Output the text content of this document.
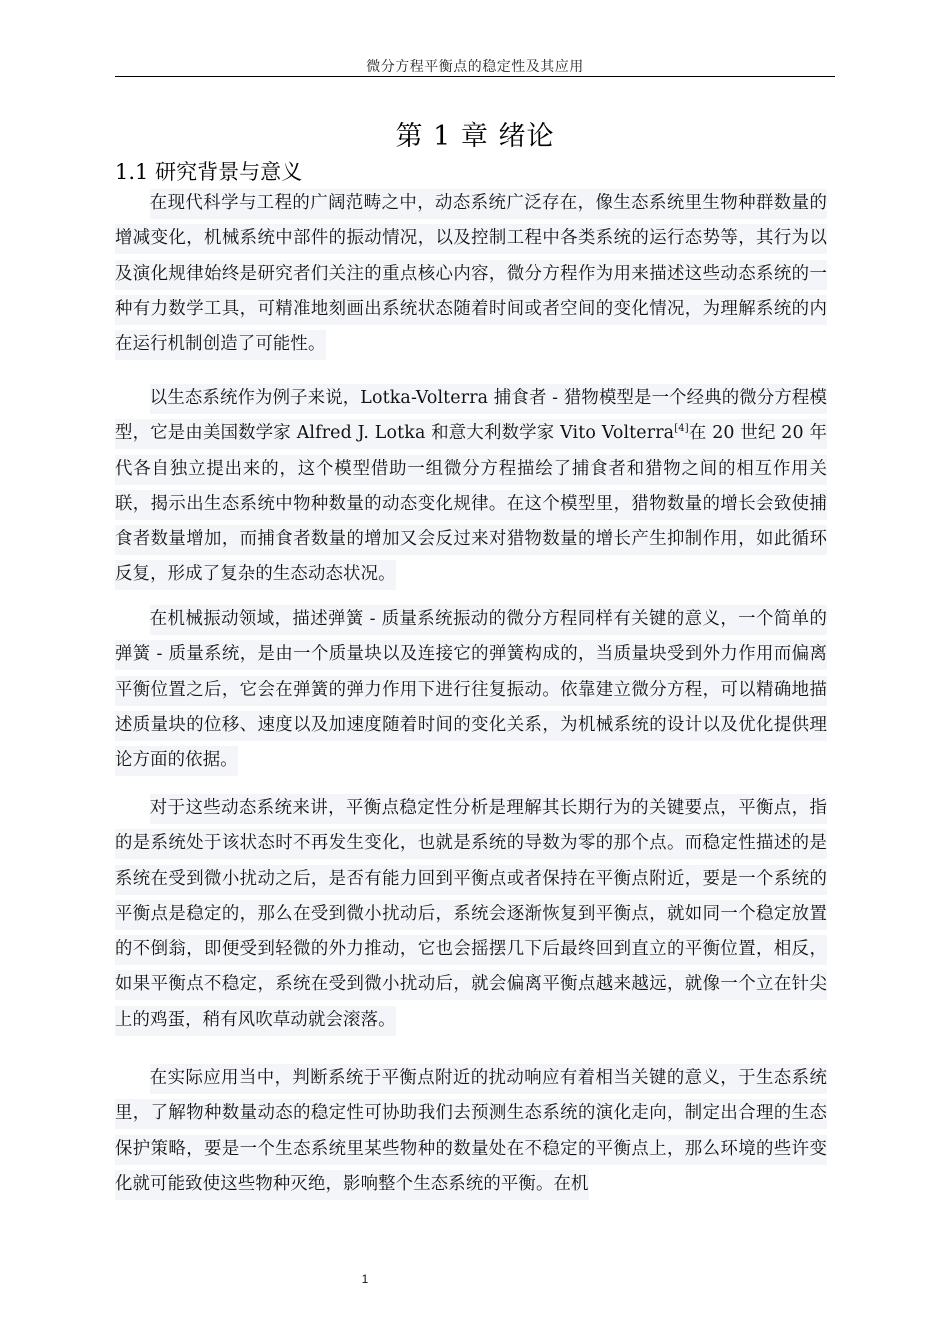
微分方程平衡点的稳定性及其应用
第 1 章 绪论
1.1 研究背景与意义

在现代科学与工程的广阔范畴之中，动态系统广泛存在，像生态系统里生物种群数量的增减变化，机械系统中部件的振动情况，以及控制工程中各类系统的运行态势等，其行为以及演化规律始终是研究者们关注的重点核心内容，微分方程作为用来描述这些动态系统的一种有力数学工具，可精准地刻画出系统状态随着时间或者空间的变化情况，为理解系统的内在运行机制创造了可能性。

以生态系统作为例子来说，Lotka-Volterra 捕食者 - 猎物模型是一个经典的微分方程模型，它是由美国数学家 Alfred J. Lotka 和意大利数学家 Vito Volterra[4]在 20 世纪 20 年代各自独立提出来的，这个模型借助一组微分方程描绘了捕食者和猎物之间的相互作用关联，揭示出生态系统中物种数量的动态变化规律。在这个模型里，猎物数量的增长会致使捕食者数量增加，而捕食者数量的增加又会反过来对猎物数量的增长产生抑制作用，如此循环反复，形成了复杂的生态动态状况。

在机械振动领域，描述弹簧 - 质量系统振动的微分方程同样有关键的意义，一个简单的弹簧 - 质量系统，是由一个质量块以及连接它的弹簧构成的，当质量块受到外力作用而偏离平衡位置之后，它会在弹簧的弹力作用下进行往复振动。依靠建立微分方程，可以精确地描述质量块的位移、速度以及加速度随着时间的变化关系，为机械系统的设计以及优化提供理论方面的依据。

对于这些动态系统来讲，平衡点稳定性分析是理解其长期行为的关键要点，平衡点，指的是系统处于该状态时不再发生变化，也就是系统的导数为零的那个点。而稳定性描述的是系统在受到微小扰动之后，是否有能力回到平衡点或者保持在平衡点附近，要是一个系统的平衡点是稳定的，那么在受到微小扰动后，系统会逐渐恢复到平衡点，就如同一个稳定放置的不倒翁，即便受到轻微的外力推动，它也会摇摆几下后最终回到直立的平衡位置，相反，如果平衡点不稳定，系统在受到微小扰动后，就会偏离平衡点越来越远，就像一个立在针尖上的鸡蛋，稍有风吹草动就会滚落。

在实际应用当中，判断系统于平衡点附近的扰动响应有着相当关键的意义，于生态系统里，了解物种数量动态的稳定性可协助我们去预测生态系统的演化走向，制定出合理的生态保护策略，要是一个生态系统里某些物种的数量处在不稳定的平衡点上，那么环境的些许变化就可能致使这些物种灭绝，影响整个生态系统的平衡。在机

1
